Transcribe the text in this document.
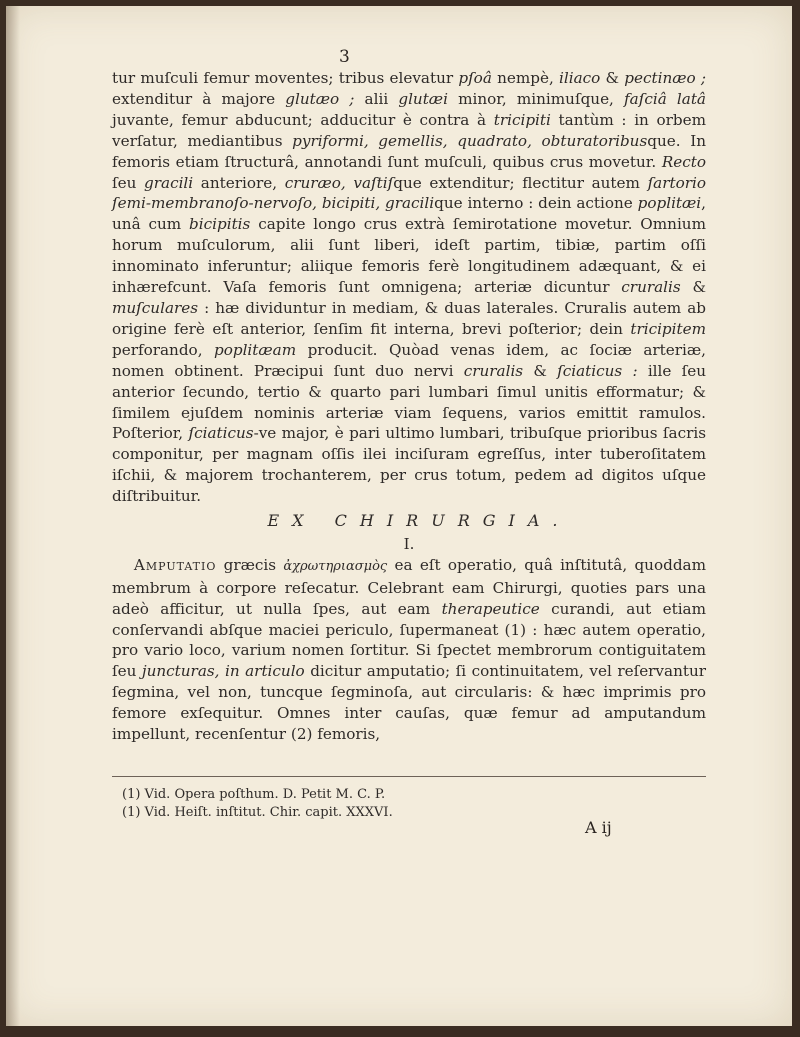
3

tur muſculi femur moventes; tribus elevatur pſoâ nempè, iliaco & pectinæo ; extenditur à majore glutæo ; alii glutæi minor, minimuſque, faſciâ latâ juvante, femur abducunt; adducitur è contra à tricipiti tantùm : in orbem verſatur, mediantibus pyriformi, gemellis, quadrato, obturatoribusque. In femoris etiam ſtructurâ, annotandi ſunt muſculi, quibus crus movetur. Recto ſeu gracili anteriore, cruræo, vaſtiſque extenditur; flectitur autem ſartorio ſemi-membranoſo-nervoſo, bicipiti, gracilique interno : dein actione poplitæi, unâ cum bicipitis capite longo crus extrà ſemirotatione movetur. Omnium horum muſculorum, alii ſunt liberi, ideſt partim, tibiæ, partim oſſi innominato inferuntur; aliique femoris ferè longitudinem adæquant, & ei inhærefcunt. Vaſa femoris ſunt omnigena; arteriæ dicuntur cruralis & muſculares : hæ dividuntur in mediam, & duas laterales. Cruralis autem ab origine ferè eſt anterior, ſenſim fit interna, brevi poſterior; dein tricipitem perforando, poplitæam producit. Quòad venas idem, ac ſociæ arteriæ, nomen obtinent. Præcipui ſunt duo nervi cruralis & ſciaticus : ille ſeu anterior ſecundo, tertio & quarto pari lumbari ſimul unitis efformatur; & ſimilem ejuſdem nominis arteriæ viam ſequens, varios emittit ramulos. Poſterior, ſciaticus-ve major, è pari ultimo lumbari, tribuſque prioribus ſacris componitur, per magnam oſſis ilei inciſuram egreſſus, inter tuberoſitatem iſchii, & majorem trochanterem, per crus totum, pedem ad digitos uſque diſtribuitur.

EX CHIRURGIA.
I.

Amputatio græcis ἀχρωτηριασμὸς ea eſt operatio, quâ inſtitutâ, quoddam membrum à corpore reſecatur. Celebrant eam Chirurgi, quoties pars una adeò afficitur, ut nulla ſpes, aut eam therapeutice curandi, aut etiam conſervandi abſque maciei periculo, ſupermaneat (1) : hæc autem operatio, pro vario loco, varium nomen ſortitur. Si ſpectet membrorum contiguitatem ſeu juncturas, in articulo dicitur amputatio; ſi continuitatem, vel reſervantur ſegmina, vel non, tuncque ſegminoſa, aut circularis: & hæc imprimis pro femore exſequitur. Omnes inter cauſas, quæ femur ad amputandum impellunt, recenſentur (2) femoris,

(1) Vid. Opera poſthum. D. Petit M. C. P.
(1) Vid. Heiſt. inſtitut. Chir. capit. XXXVI.
A ij
